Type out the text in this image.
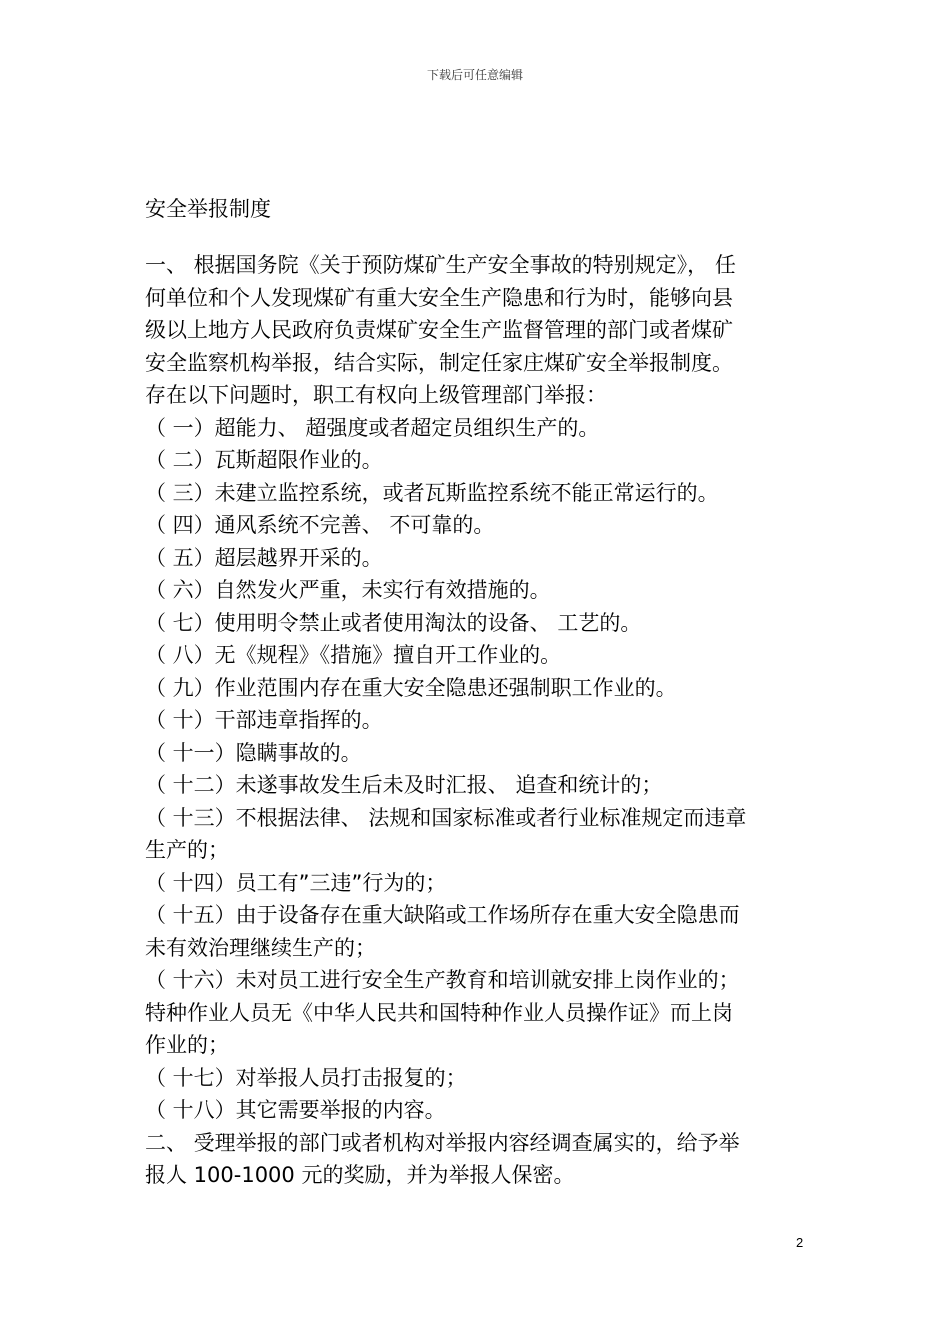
下载后可任意编辑
安全举报制度
一、 根据国务院《关于预防煤矿生产安全事故的特别规定》， 任
何单位和个人发现煤矿有重大安全生产隐患和行为时，能够向县
级以上地方人民政府负责煤矿安全生产监督管理的部门或者煤矿
安全监察机构举报，结合实际，制定任家庄煤矿安全举报制度。
存在以下问题时，职工有权向上级管理部门举报：
（ 一）超能力、 超强度或者超定员组织生产的。
（ 二）瓦斯超限作业的。
（ 三）未建立监控系统，或者瓦斯监控系统不能正常运行的。
（ 四）通风系统不完善、 不可靠的。
（ 五）超层越界开采的。
（ 六）自然发火严重，未实行有效措施的。
（ 七）使用明令禁止或者使用淘汰的设备、 工艺的。
（ 八）无《规程》《措施》擅自开工作业的。
（ 九）作业范围内存在重大安全隐患还强制职工作业的。
（ 十）干部违章指挥的。
（ 十一）隐瞒事故的。
（ 十二）未遂事故发生后未及时汇报、 追查和统计的；
（ 十三）不根据法律、 法规和国家标准或者行业标准规定而违章
生产的；
（ 十四）员工有”三违”行为的；
（ 十五）由于设备存在重大缺陷或工作场所存在重大安全隐患而
未有效治理继续生产的；
（ 十六）未对员工进行安全生产教育和培训就安排上岗作业的；
特种作业人员无《中华人民共和国特种作业人员操作证》而上岗
作业的；
（ 十七）对举报人员打击报复的；
（ 十八）其它需要举报的内容。
二、 受理举报的部门或者机构对举报内容经调查属实的，给予举
报人 100-1000 元的奖励，并为举报人保密。
2
